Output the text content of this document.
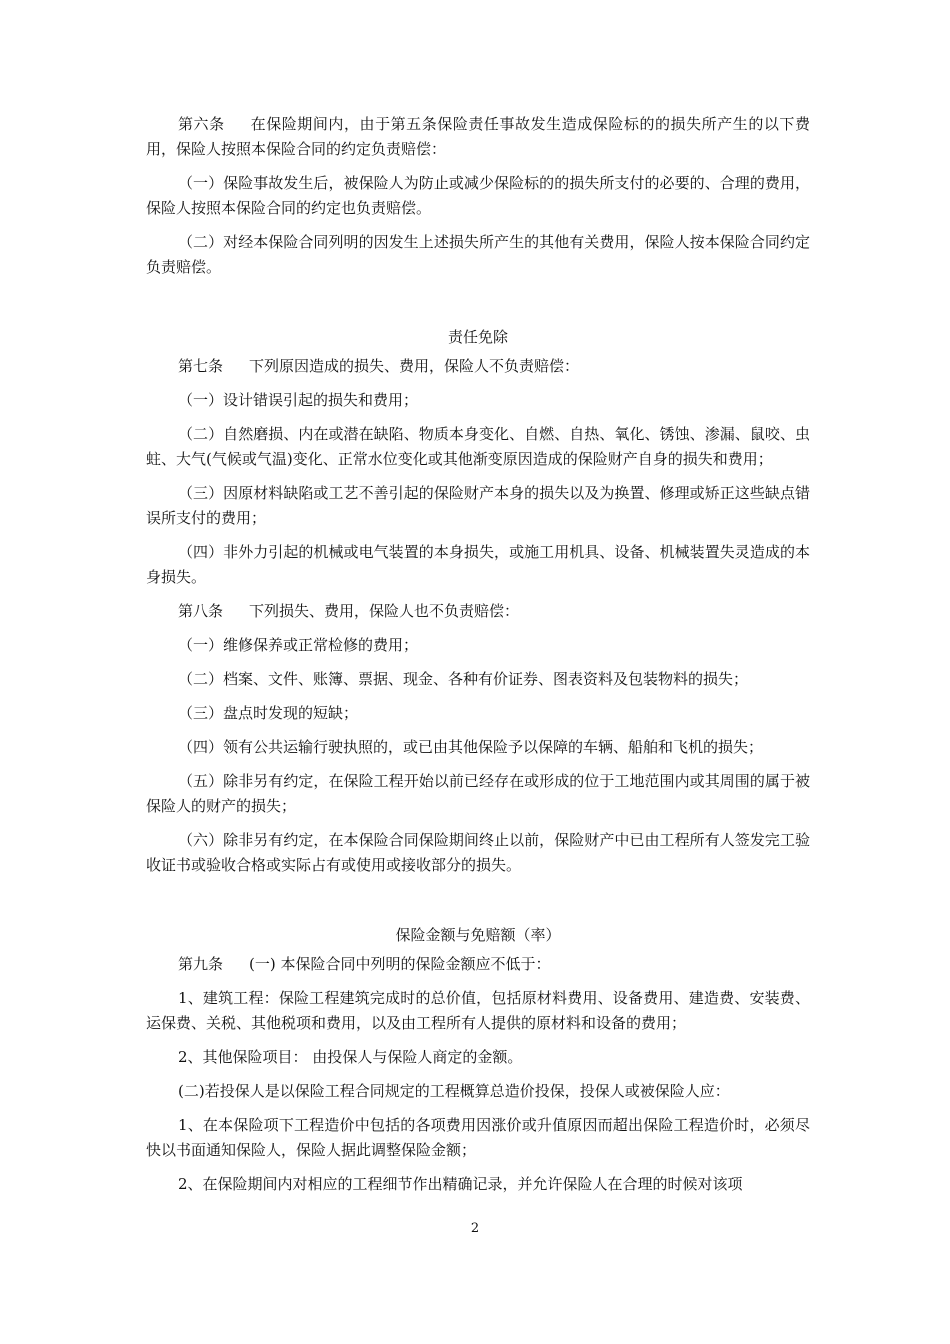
第六条 在保险期间内，由于第五条保险责任事故发生造成保险标的的损失所产生的以下费用，保险人按照本保险合同的约定负责赔偿：

（一）保险事故发生后，被保险人为防止或减少保险标的的损失所支付的必要的、合理的费用，保险人按照本保险合同的约定也负责赔偿。

（二）对经本保险合同列明的因发生上述损失所产生的其他有关费用，保险人按本保险合同约定负责赔偿。

责任免除

第七条 下列原因造成的损失、费用，保险人不负责赔偿：

（一）设计错误引起的损失和费用；

（二）自然磨损、内在或潜在缺陷、物质本身变化、自燃、自热、氧化、锈蚀、渗漏、鼠咬、虫蛀、大气(气候或气温)变化、正常水位变化或其他渐变原因造成的保险财产自身的损失和费用；

（三）因原材料缺陷或工艺不善引起的保险财产本身的损失以及为换置、修理或矫正这些缺点错误所支付的费用；

（四）非外力引起的机械或电气装置的本身损失，或施工用机具、设备、机械装置失灵造成的本身损失。

第八条 下列损失、费用，保险人也不负责赔偿：

（一）维修保养或正常检修的费用；

（二）档案、文件、账簿、票据、现金、各种有价证券、图表资料及包装物料的损失；

（三）盘点时发现的短缺；

（四）领有公共运输行驶执照的，或已由其他保险予以保障的车辆、船舶和飞机的损失；

（五）除非另有约定，在保险工程开始以前已经存在或形成的位于工地范围内或其周围的属于被保险人的财产的损失；

（六）除非另有约定，在本保险合同保险期间终止以前，保险财产中已由工程所有人签发完工验收证书或验收合格或实际占有或使用或接收部分的损失。

保险金额与免赔额（率）

第九条 (一) 本保险合同中列明的保险金额应不低于：

1、建筑工程：保险工程建筑完成时的总价值，包括原材料费用、设备费用、建造费、安装费、运保费、关税、其他税项和费用，以及由工程所有人提供的原材料和设备的费用；

2、其他保险项目： 由投保人与保险人商定的金额。

(二)若投保人是以保险工程合同规定的工程概算总造价投保，投保人或被保险人应：

1、在本保险项下工程造价中包括的各项费用因涨价或升值原因而超出保险工程造价时，必须尽快以书面通知保险人，保险人据此调整保险金额；

2、在保险期间内对相应的工程细节作出精确记录，并允许保险人在合理的时候对该项

2
